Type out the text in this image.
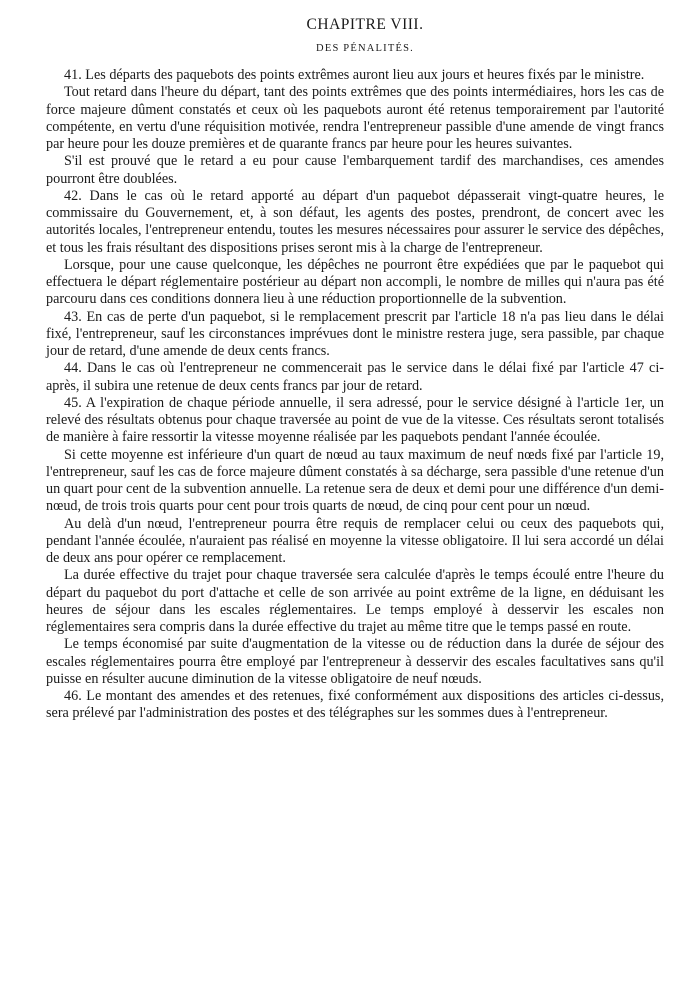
CHAPITRE VIII.
DES PÉNALITÉS.

41. Les départs des paquebots des points extrêmes auront lieu aux jours et heures fixés par le ministre.

Tout retard dans l'heure du départ, tant des points extrêmes que des points intermédiaires, hors les cas de force majeure dûment constatés et ceux où les paquebots auront été retenus temporairement par l'autorité compétente, en vertu d'une réquisition motivée, rendra l'entrepreneur passible d'une amende de vingt francs par heure pour les douze premières et de quarante francs par heure pour les heures suivantes.

S'il est prouvé que le retard a eu pour cause l'embarquement tardif des marchandises, ces amendes pourront être doublées.

42. Dans le cas où le retard apporté au départ d'un paquebot dépasserait vingt-quatre heures, le commissaire du Gouvernement, et, à son défaut, les agents des postes, prendront, de concert avec les autorités locales, l'entrepreneur entendu, toutes les mesures nécessaires pour assurer le service des dépêches, et tous les frais résultant des dispositions prises seront mis à la charge de l'entrepreneur.

Lorsque, pour une cause quelconque, les dépêches ne pourront être expédiées que par le paquebot qui effectuera le départ réglementaire postérieur au départ non accompli, le nombre de milles qui n'aura pas été parcouru dans ces conditions donnera lieu à une réduction proportionnelle de la subvention.

43. En cas de perte d'un paquebot, si le remplacement prescrit par l'article 18 n'a pas lieu dans le délai fixé, l'entrepreneur, sauf les circonstances imprévues dont le ministre restera juge, sera passible, par chaque jour de retard, d'une amende de deux cents francs.

44. Dans le cas où l'entrepreneur ne commencerait pas le service dans le délai fixé par l'article 47 ci-après, il subira une retenue de deux cents francs par jour de retard.

45. A l'expiration de chaque période annuelle, il sera adressé, pour le service désigné à l'article 1er, un relevé des résultats obtenus pour chaque traversée au point de vue de la vitesse. Ces résultats seront totalisés de manière à faire ressortir la vitesse moyenne réalisée par les paquebots pendant l'année écoulée.

Si cette moyenne est inférieure d'un quart de nœud au taux maximum de neuf nœds fixé par l'article 19, l'entrepreneur, sauf les cas de force majeure dûment constatés à sa décharge, sera passible d'une retenue d'un un quart pour cent de la subvention annuelle. La retenue sera de deux et demi pour une différence d'un demi-nœud, de trois trois quarts pour cent pour trois quarts de nœud, de cinq pour cent pour un nœud.

Au delà d'un nœud, l'entrepreneur pourra être requis de remplacer celui ou ceux des paquebots qui, pendant l'année écoulée, n'auraient pas réalisé en moyenne la vitesse obligatoire. Il lui sera accordé un délai de deux ans pour opérer ce remplacement.

La durée effective du trajet pour chaque traversée sera calculée d'après le temps écoulé entre l'heure du départ du paquebot du port d'attache et celle de son arrivée au point extrême de la ligne, en déduisant les heures de séjour dans les escales réglementaires. Le temps employé à desservir les escales non réglementaires sera compris dans la durée effective du trajet au même titre que le temps passé en route.

Le temps économisé par suite d'augmentation de la vitesse ou de réduction dans la durée de séjour des escales réglementaires pourra être employé par l'entrepreneur à desservir des escales facultatives sans qu'il puisse en résulter aucune diminution de la vitesse obligatoire de neuf nœuds.

46. Le montant des amendes et des retenues, fixé conformément aux dispositions des articles ci-dessus, sera prélevé par l'administration des postes et des télégraphes sur les sommes dues à l'entrepreneur.
